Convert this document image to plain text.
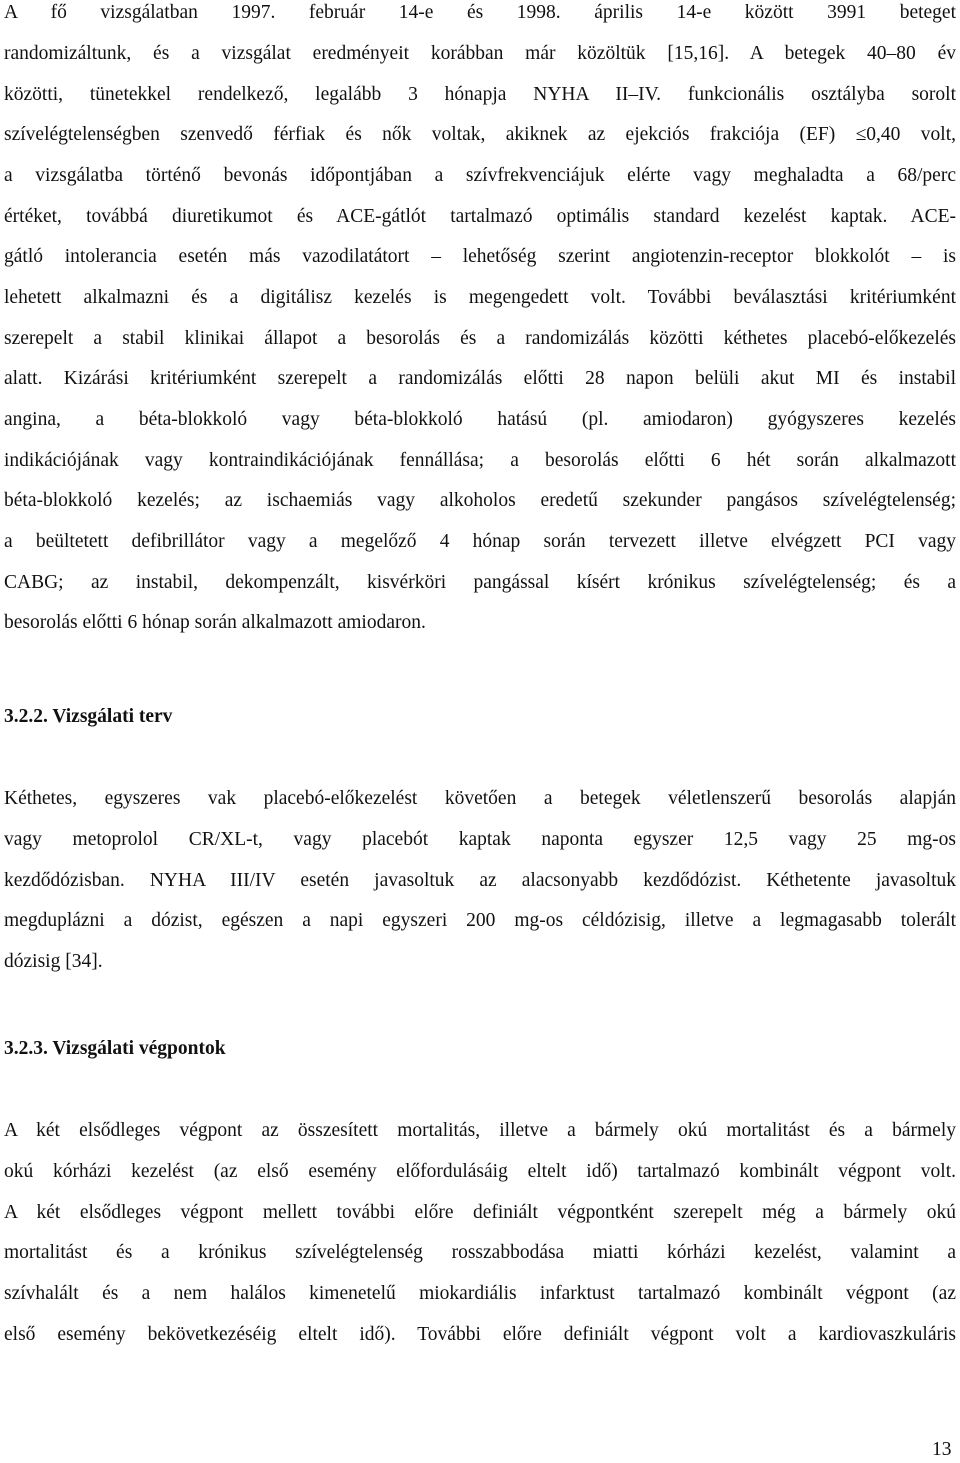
A fő vizsgálatban 1997. február 14-e és 1998. április 14-e között 3991 beteget
randomizáltunk, és a vizsgálat eredményeit korábban már közöltük [15,16]. A betegek 40–80 év
közötti, tünetekkel rendelkező, legalább 3 hónapja NYHA II–IV. funkcionális osztályba sorolt
szívelégtelenségben szenvedő férfiak és nők voltak, akiknek az ejekciós frakciója (EF) ≤0,40 volt,
a vizsgálatba történő bevonás időpontjában a szívfrekvenciájuk elérte vagy meghaladta a 68/perc
értéket, továbbá diuretikumot és ACE-gátlót tartalmazó optimális standard kezelést kaptak. ACE-
gátló intolerancia esetén más vazodilatátort – lehetőség szerint angiotenzin-receptor blokkolót – is
lehetett alkalmazni és a digitálisz kezelés is megengedett volt. További beválasztási kritériumként
szerepelt a stabil klinikai állapot a besorolás és a randomizálás közötti kéthetes placebó-előkezelés
alatt. Kizárási kritériumként szerepelt a randomizálás előtti 28 napon belüli akut MI és instabil
angina, a béta-blokkoló vagy béta-blokkoló hatású (pl. amiodaron) gyógyszeres kezelés
indikációjának vagy kontraindikációjának fennállása; a besorolás előtti 6 hét során alkalmazott
béta-blokkoló kezelés; az ischaemiás vagy alkoholos eredetű szekunder pangásos szívelégtelenség;
a beültetett defibrillátor vagy a megelőző 4 hónap során tervezett illetve elvégzett PCI vagy
CABG; az instabil, dekompenzált, kisvérköri pangással kísért krónikus szívelégtelenség; és a
besorolás előtti 6 hónap során alkalmazott amiodaron.
3.2.2. Vizsgálati terv
Kéthetes, egyszeres vak placebó-előkezelést követően a betegek véletlenszerű besorolás alapján
vagy metoprolol CR/XL-t, vagy placebót kaptak naponta egyszer 12,5 vagy 25 mg-os
kezdődózisban. NYHA III/IV esetén javasoltuk az alacsonyabb kezdődózist. Kéthetente javasoltuk
megduplázni a dózist, egészen a napi egyszeri 200 mg-os céldózisig, illetve a legmagasabb tolerált
dózisig [34].
3.2.3. Vizsgálati végpontok
A két elsődleges végpont az összesített mortalitás, illetve a bármely okú mortalitást és a bármely
okú kórházi kezelést (az első esemény előfordulásáig eltelt idő) tartalmazó kombinált végpont volt.
A két elsődleges végpont mellett további előre definiált végpontként szerepelt még a bármely okú
mortalitást és a krónikus szívelégtelenség rosszabbodása miatti kórházi kezelést, valamint a
szívhalált és a nem halálos kimenetelű miokardiális infarktust tartalmazó kombinált végpont (az
első esemény bekövetkezéséig eltelt idő). További előre definiált végpont volt a kardiovaszkuláris
13
